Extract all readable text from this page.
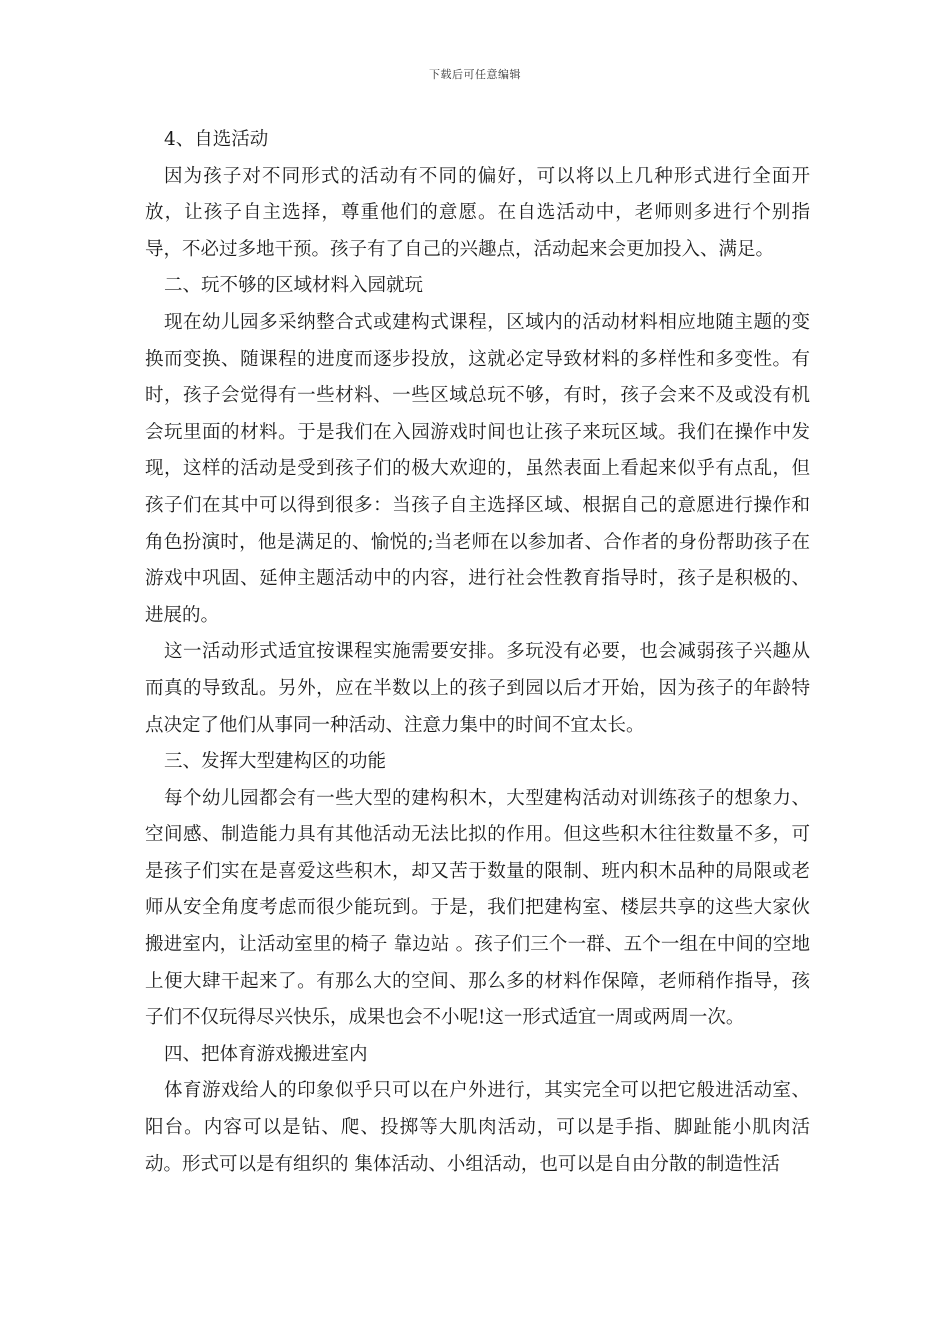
下载后可任意编辑

4、自选活动

因为孩子对不同形式的活动有不同的偏好，可以将以上几种形式进行全面开放，让孩子自主选择，尊重他们的意愿。在自选活动中，老师则多进行个别指导，不必过多地干预。孩子有了自己的兴趣点，活动起来会更加投入、满足。

二、玩不够的区域材料入园就玩

现在幼儿园多采纳整合式或建构式课程，区域内的活动材料相应地随主题的变换而变换、随课程的进度而逐步投放，这就必定导致材料的多样性和多变性。有时，孩子会觉得有一些材料、一些区域总玩不够，有时，孩子会来不及或没有机会玩里面的材料。于是我们在入园游戏时间也让孩子来玩区域。我们在操作中发现，这样的活动是受到孩子们的极大欢迎的，虽然表面上看起来似乎有点乱，但孩子们在其中可以得到很多：当孩子自主选择区域、根据自己的意愿进行操作和角色扮演时，他是满足的、愉悦的;当老师在以参加者、合作者的身份帮助孩子在游戏中巩固、延伸主题活动中的内容，进行社会性教育指导时，孩子是积极的、进展的。

这一活动形式适宜按课程实施需要安排。多玩没有必要，也会减弱孩子兴趣从而真的导致乱。另外，应在半数以上的孩子到园以后才开始，因为孩子的年龄特点决定了他们从事同一种活动、注意力集中的时间不宜太长。

三、发挥大型建构区的功能

每个幼儿园都会有一些大型的建构积木，大型建构活动对训练孩子的想象力、空间感、制造能力具有其他活动无法比拟的作用。但这些积木往往数量不多，可是孩子们实在是喜爱这些积木，却又苦于数量的限制、班内积木品种的局限或老师从安全角度考虑而很少能玩到。于是，我们把建构室、楼层共享的这些大家伙搬进室内，让活动室里的椅子 靠边站 。孩子们三个一群、五个一组在中间的空地上便大肆干起来了。有那么大的空间、那么多的材料作保障，老师稍作指导，孩子们不仅玩得尽兴快乐，成果也会不小呢!这一形式适宜一周或两周一次。

四、把体育游戏搬进室内

体育游戏给人的印象似乎只可以在户外进行，其实完全可以把它般进活动室、阳台。内容可以是钻、爬、投掷等大肌肉活动，可以是手指、脚趾能小肌肉活动。形式可以是有组织的 集体活动、小组活动，也可以是自由分散的制造性活
